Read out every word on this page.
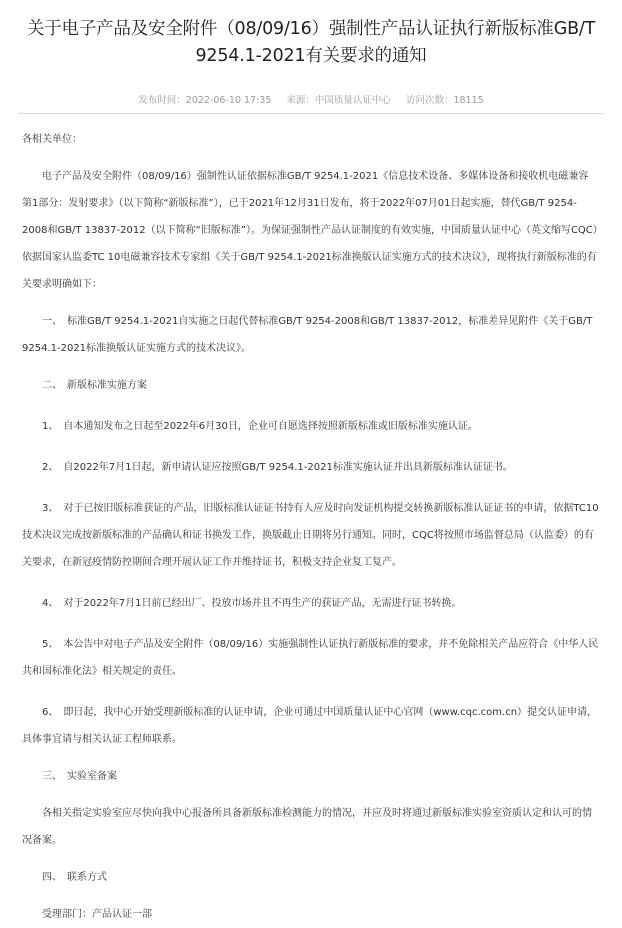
关于电子产品及安全附件（08/09/16）强制性产品认证执行新版标准GB/T 9254.1-2021有关要求的通知
发布时间：2022-06-10 17:35 来源：中国质量认证中心 访问次数：18115

各相关单位：

电子产品及安全附件（08/09/16）强制性认证依据标准GB/T 9254.1-2021《信息技术设备、多媒体设备和接收机电磁兼容 第1部分：发射要求》（以下简称“新版标准”），已于2021年12月31日发布，将于2022年07月01日起实施，替代GB/T 9254-2008和GB/T 13837-2012（以下简称“旧版标准”）。为保证强制性产品认证制度的有效实施，中国质量认证中心（英文缩写CQC）依据国家认监委TC 10电磁兼容技术专家组《关于GB/T 9254.1-2021标准换版认证实施方式的技术决议》，现将执行新版标准的有关要求明确如下：

一、　标准GB/T 9254.1-2021自实施之日起代替标准GB/T 9254-2008和GB/T 13837-2012，标准差异见附件《关于GB/T 9254.1-2021标准换版认证实施方式的技术决议》。

二、　新版标准实施方案

1、　自本通知发布之日起至2022年6月30日，企业可自愿选择按照新版标准或旧版标准实施认证。

2、　自2022年7月1日起，新申请认证应按照GB/T 9254.1-2021标准实施认证并出具新版标准认证证书。

3、　对于已按旧版标准获证的产品，旧版标准认证证书持有人应及时向发证机构提交转换新版标准认证证书的申请，依据TC10技术决议完成按新版标准的产品确认和证书换发工作，换版截止日期将另行通知。同时，CQC将按照市场监督总局（认监委）的有关要求，在新冠疫情防控期间合理开展认证工作并维持证书，积极支持企业复工复产。

4、　对于2022年7月1日前已经出厂、投放市场并且不再生产的获证产品，无需进行证书转换。

5、　本公告中对电子产品及安全附件（08/09/16）实施强制性认证执行新版标准的要求，并不免除相关产品应符合《中华人民共和国标准化法》相关规定的责任。

6、　即日起，我中心开始受理新版标准的认证申请，企业可通过中国质量认证中心官网（www.cqc.com.cn）提交认证申请，具体事宜请与相关认证工程师联系。

三、　实验室备案

各相关指定实验室应尽快向我中心报备所具备新版标准检测能力的情况，并应及时将通过新版标准实验室资质认定和认可的情况备案。

四、　联系方式

受理部门：产品认证一部
